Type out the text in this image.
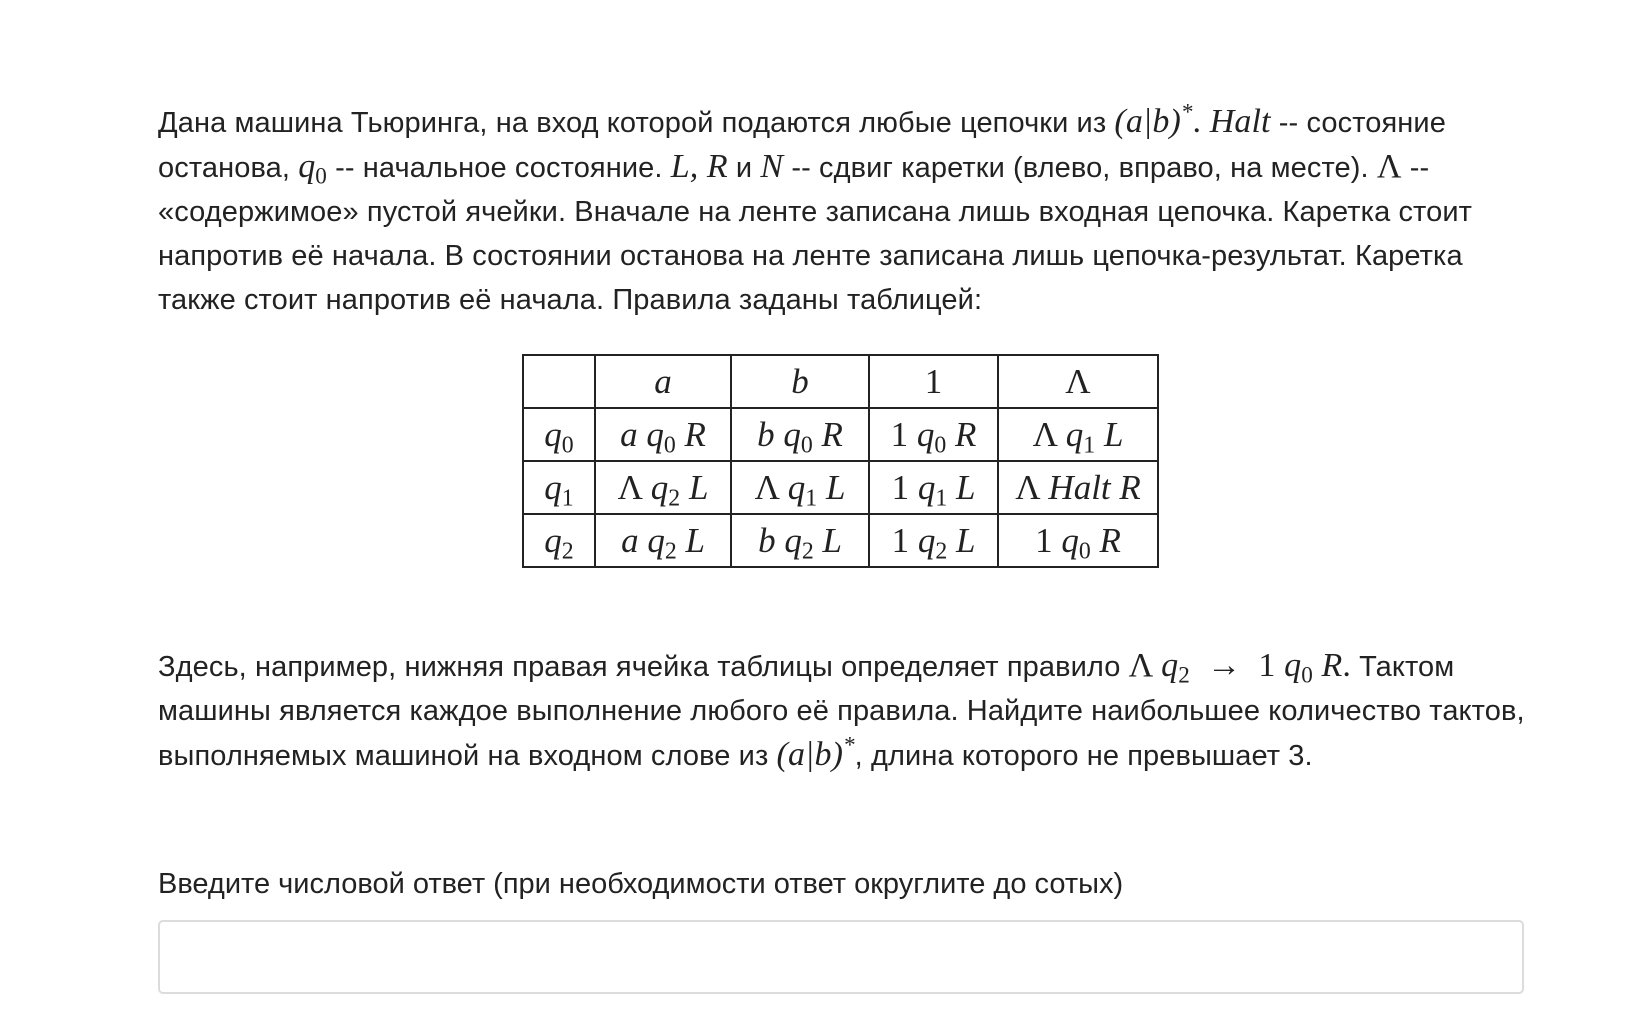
Дана машина Тьюринга, на вход которой подаются любые цепочки из (a|b)*. Halt -- состояние останова, $q_0$ -- начальное состояние. L, R и N -- сдвиг каретки (влево, вправо, на месте). Λ -- «содержимое» пустой ячейки. Вначале на ленте записана лишь входная цепочка. Каретка стоит напротив её начала. В состоянии останова на ленте записана лишь цепочка-результат. Каретка также стоит напротив её начала. Правила заданы таблицей:

	a	b	1	Λ
$q_0$	a $q_0$ R	b $q_0$ R	1 $q_0$ R	Λ $q_1$ L
$q_1$	Λ $q_2$ L	Λ $q_1$ L	1 $q_1$ L	Λ Halt R
$q_2$	a $q_2$ L	b $q_2$ L	1 $q_2$ L	1 $q_0$ R

Здесь, например, нижняя правая ячейка таблицы определяет правило Λ $q_2 \to 1$ $q_0$ R. Тактом машины является каждое выполнение любого её правила. Найдите наибольшее количество тактов, выполняемых машиной на входном слове из (a|b)*, длина которого не превышает 3.

Введите числовой ответ (при необходимости ответ округлите до сотых)
